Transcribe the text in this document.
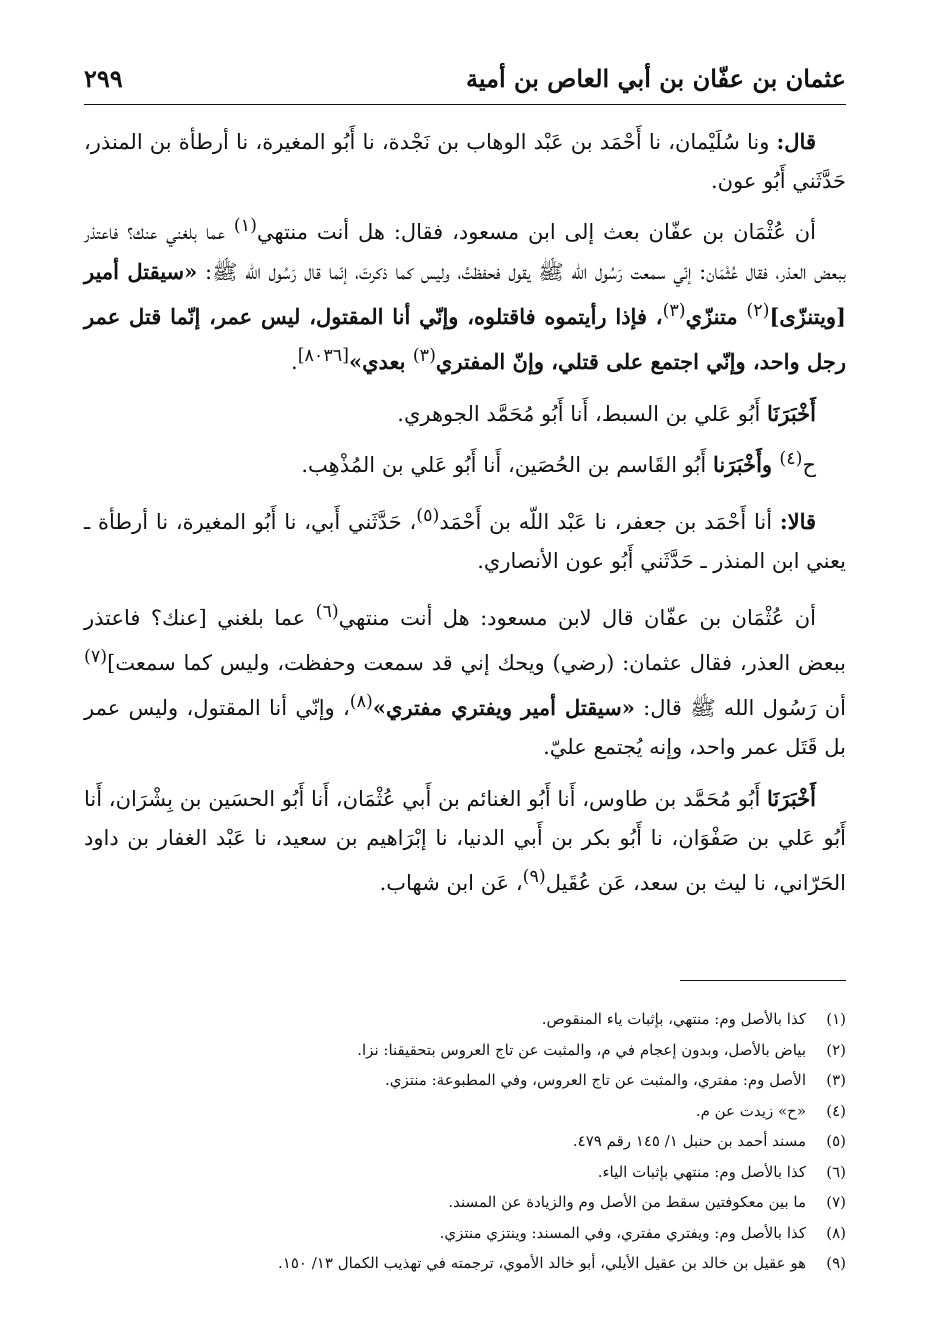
عثمان بن عفّان بن أبي العاص بن أمية
٢٩٩

قال: ونا سُلَيْمان، نا أَحْمَد بن عَبْد الوهاب بن نَجْدة، نا أَبُو المغيرة، نا أرطأة بن المنذر، حَدَّثَني أَبُو عون.

أن عُثْمَان بن عفّان بعث إلى ابن مسعود، فقال: هل أنت منتهي$^{(١)}$ عما بلغني عنك؟ فاعتذر ببعض العذر، فقال عُثْمَان: إنّي سمعت رَسُول الله ﷺ يقول فحفظتُ، وليس كما ذكرتَ، إنّما قال رَسُول الله ﷺ: «سيقتل أمير [ويتنزّى]$^{(٢)}$ متنزّي$^{(٣)}$، فإذا رأيتموه فاقتلوه، وإنّي أنا المقتول، ليس عمر، إنّما قتل عمر رجل واحد، وإنّي اجتمع على قتلي، وإنّ المفتري$^{(٣)}$ بعدي»[٨٠٣٦].

أَخْبَرَنَا أَبُو عَلي بن السبط، أَنا أَبُو مُحَمَّد الجوهري.

ح$^{(٤)}$ وأَخْبَرَنا أَبُو القَاسم بن الحُصَين، أَنا أَبُو عَلي بن المُذْهِب.

قالا: أنا أَحْمَد بن جعفر، نا عَبْد اللّه بن أَحْمَد$^{(٥)}$، حَدَّثَني أَبي، نا أَبُو المغيرة، نا أرطأة ـ يعني ابن المنذر ـ حَدَّثَني أَبُو عون الأنصاري.

أن عُثْمَان بن عفّان قال لابن مسعود: هل أنت منتهي$^{(٦)}$ عما بلغني [عنك؟ فاعتذر ببعض العذر، فقال عثمان: (رضي) ويحك إني قد سمعت وحفظت، وليس كما سمعت]$^{(٧)}$ أن رَسُول الله ﷺ قال: «سيقتل أمير ويفتري مفتري»$^{(٨)}$، وإنّي أنا المقتول، وليس عمر بل قَتَل عمر واحد، وإنه يُجتمع عليّ.

أَخْبَرَنَا أَبُو مُحَمَّد بن طاوس، أَنا أَبُو الغنائم بن أَبي عُثْمَان، أَنا أَبُو الحسَين بن بِشْرَان، أَنا أَبُو عَلي بن صَفْوَان، نا أَبُو بكر بن أَبي الدنيا، نا إبْرَاهيم بن سعيد، نا عَبْد الغفار بن داود الحَرّاني، نا ليث بن سعد، عَن عُقَيل$^{(٩)}$، عَن ابن شهاب.

(١)
كذا بالأصل وم: منتهي، بإثبات ياء المنقوص.
(٢)
بياض بالأصل، وبدون إعجام في م، والمثبت عن تاج العروس بتحقيقنا: نزا.
(٣)
الأصل وم: مفتري، والمثبت عن تاج العروس، وفي المطبوعة: منتزي.
(٤)
«ح» زيدت عن م.
(٥)
مسند أحمد بن حنبل ١/ ١٤٥ رقم ٤٧٩.
(٦)
كذا بالأصل وم: منتهي بإثبات الياء.
(٧)
ما بين معكوفتين سقط من الأصل وم والزيادة عن المسند.
(٨)
كذا بالأصل وم: ويفتري مفتري، وفي المسند: وينتزي منتزي.
(٩)
هو عقيل بن خالد بن عقيل الأيلي، أبو خالد الأموي، ترجمته في تهذيب الكمال ١٣/ ١٥٠.
